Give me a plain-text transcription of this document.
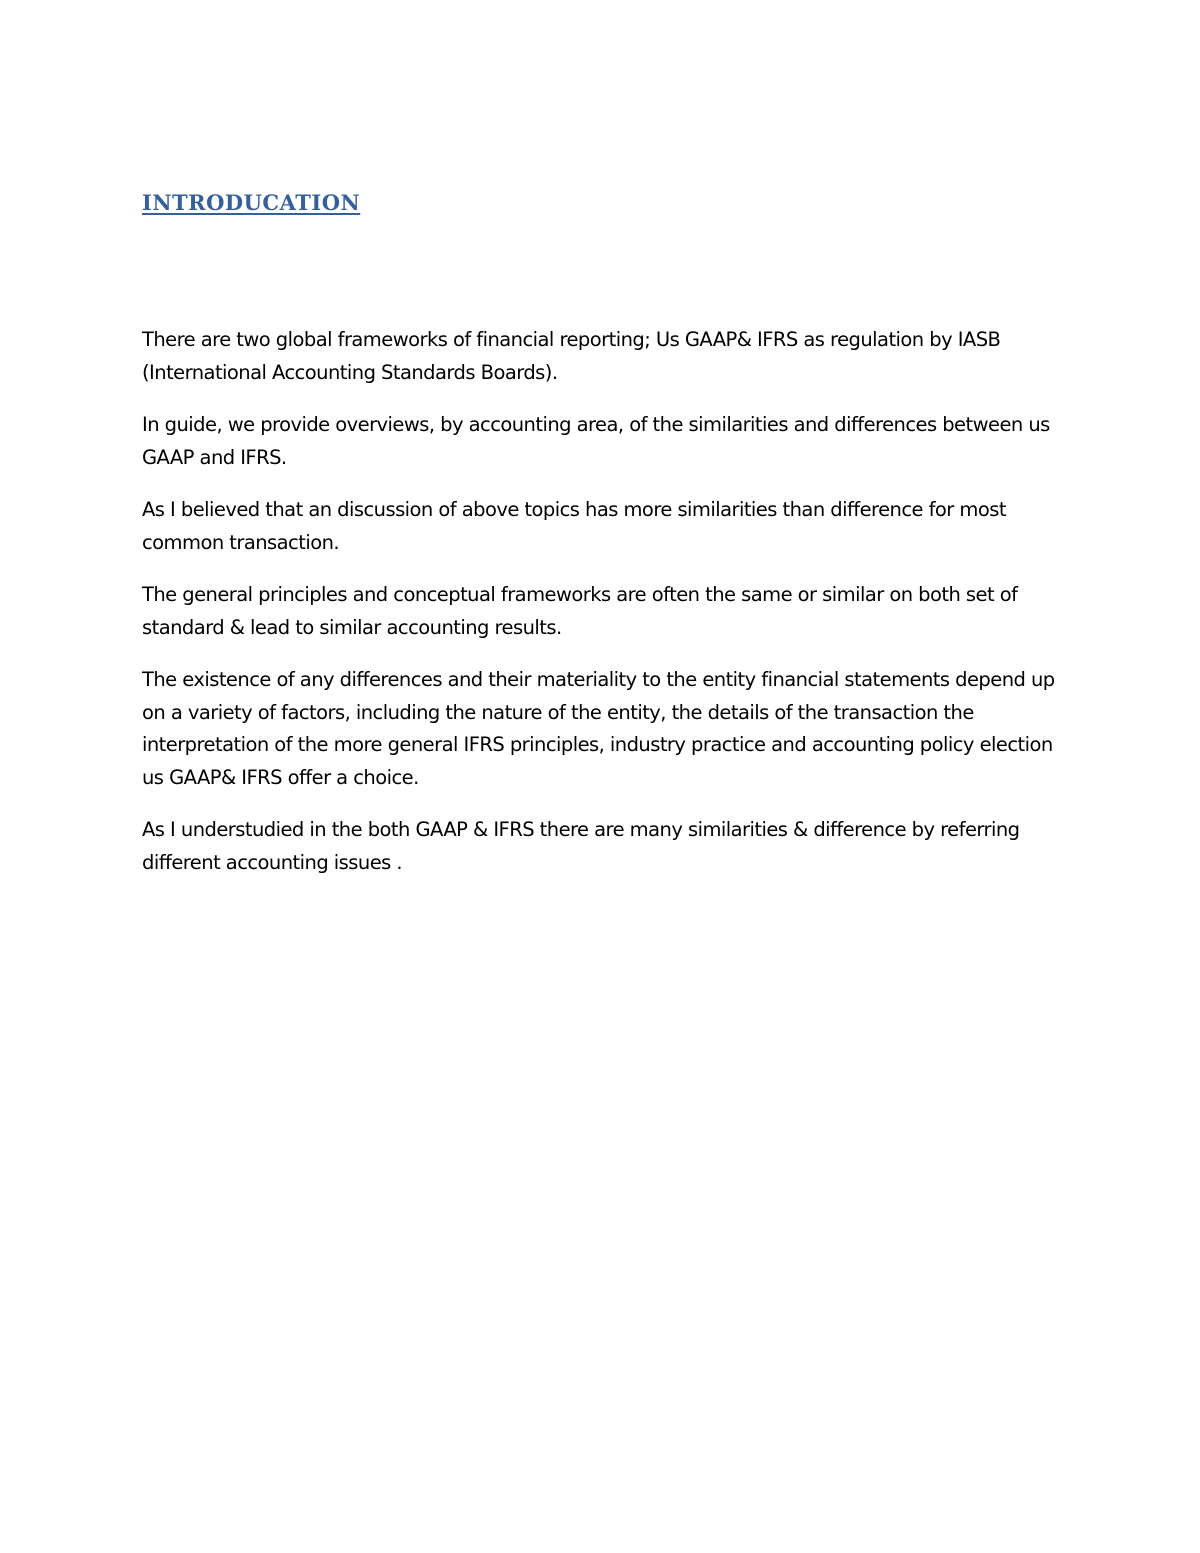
INTRODUCATION

There are two global frameworks of financial reporting; Us GAAP& IFRS as regulation by IASB (International Accounting Standards Boards).

In guide, we provide overviews, by accounting area, of the similarities and differences between us GAAP and IFRS.

As I believed that an discussion of above topics has more similarities than difference for most common transaction.

The general principles and conceptual frameworks are often the same or similar on both set of standard & lead to similar accounting results.

The existence of any differences and their materiality to the entity financial statements depend up on a variety of factors, including the nature of the entity, the details of the transaction the interpretation of the more general IFRS principles, industry practice and accounting policy election us GAAP& IFRS offer a choice.

As I understudied in the both GAAP & IFRS there are many similarities & difference by referring different accounting issues .
